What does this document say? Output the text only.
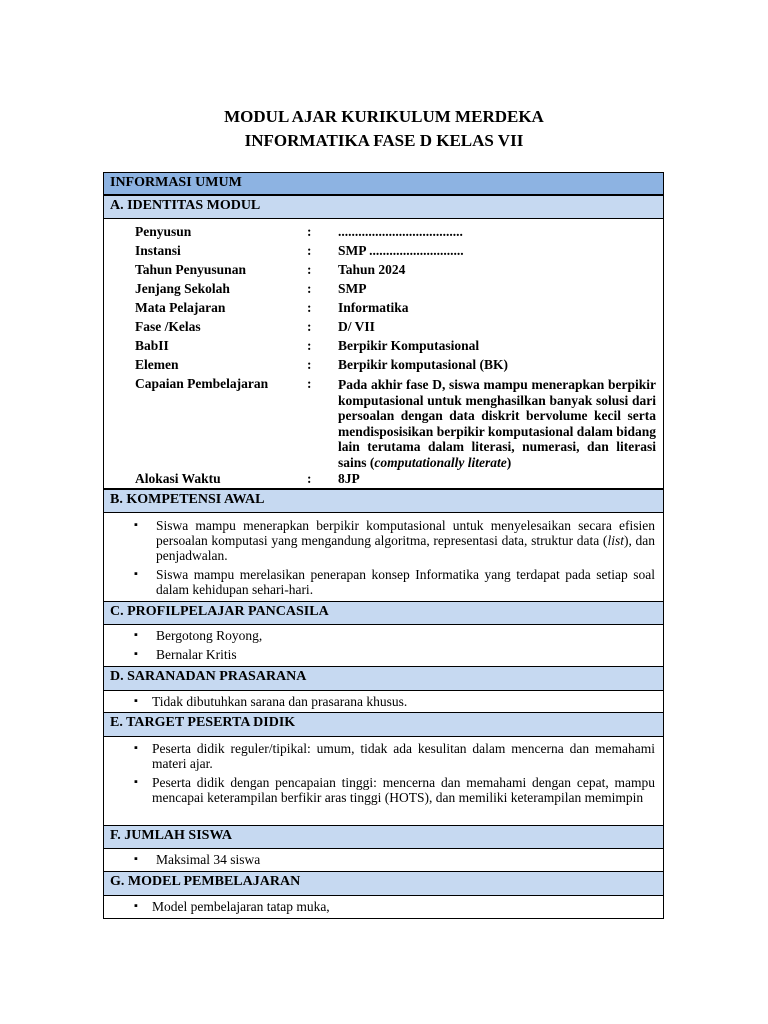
MODUL AJAR KURIKULUM MERDEKA
INFORMATIKA FASE D KELAS VII
INFORMASI UMUM
A. IDENTITAS MODUL
Penyusun	: .....................................
Instansi	: SMP ............................
Tahun Penyusunan	: Tahun 2024
Jenjang Sekolah	: SMP
Mata Pelajaran	: Informatika
Fase /Kelas	: D/ VII
BabII	: Berpikir Komputasional
Elemen	: Berpikir komputasional (BK)
Capaian Pembelajaran	: Pada akhir fase D, siswa mampu menerapkan berpikir komputasional untuk menghasilkan banyak solusi dari persoalan dengan data diskrit bervolume kecil serta mendisposisikan berpikir komputasional dalam bidang lain terutama dalam literasi, numerasi, dan literasi sains (computationally literate)
Alokasi Waktu	: 8JP
B. KOMPETENSI AWAL
▪ Siswa mampu menerapkan berpikir komputasional untuk menyelesaikan secara efisien persoalan komputasi yang mengandung algoritma, representasi data, struktur data (list), dan penjadwalan.
▪ Siswa mampu merelasikan penerapan konsep Informatika yang terdapat pada setiap soal dalam kehidupan sehari-hari.
C. PROFILPELAJAR PANCASILA
▪ Bergotong Royong,
▪ Bernalar Kritis
D. SARANADAN PRASARANA
▪ Tidak dibutuhkan sarana dan prasarana khusus.
E. TARGET PESERTA DIDIK
▪ Peserta didik reguler/tipikal: umum, tidak ada kesulitan dalam mencerna dan memahami materi ajar.
▪ Peserta didik dengan pencapaian tinggi: mencerna dan memahami dengan cepat, mampu mencapai keterampilan berfikir aras tinggi (HOTS), dan memiliki keterampilan memimpin
F. JUMLAH SISWA
▪ Maksimal 34 siswa
G. MODEL PEMBELAJARAN
▪ Model pembelajaran tatap muka,
